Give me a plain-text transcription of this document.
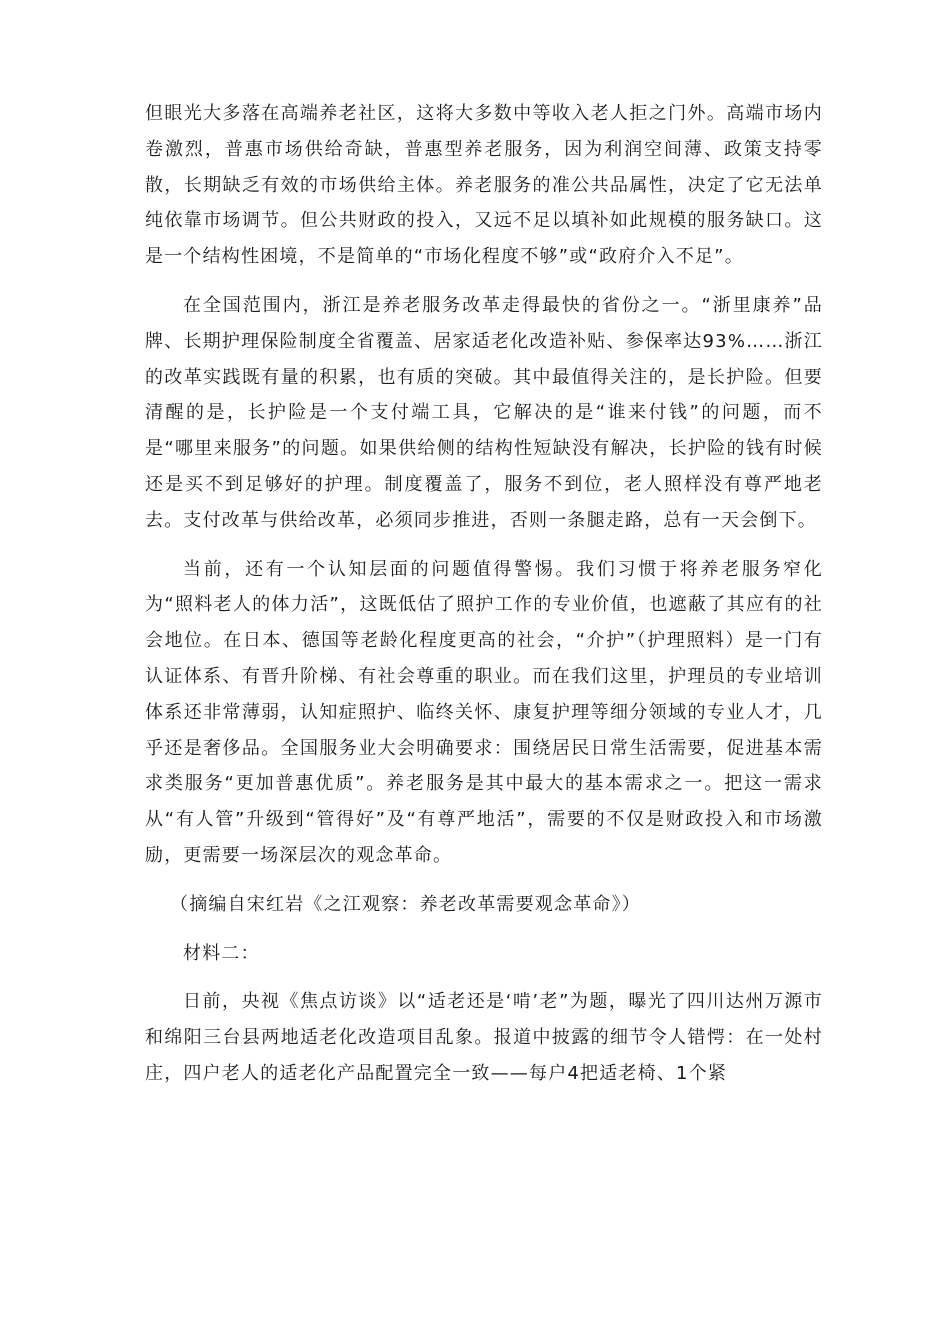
但眼光大多落在高端养老社区，这将大多数中等收入老人拒之门外。高端市场内卷激烈，普惠市场供给奇缺，普惠型养老服务，因为利润空间薄、政策支持零散，长期缺乏有效的市场供给主体。养老服务的准公共品属性，决定了它无法单纯依靠市场调节。但公共财政的投入，又远不足以填补如此规模的服务缺口。这是一个结构性困境，不是简单的“市场化程度不够”或“政府介入不足”。

在全国范围内，浙江是养老服务改革走得最快的省份之一。“浙里康养”品牌、长期护理保险制度全省覆盖、居家适老化改造补贴、参保率达93%……浙江的改革实践既有量的积累，也有质的突破。其中最值得关注的，是长护险。但要清醒的是，长护险是一个支付端工具，它解决的是“谁来付钱”的问题，而不是“哪里来服务”的问题。如果供给侧的结构性短缺没有解决，长护险的钱有时候还是买不到足够好的护理。制度覆盖了，服务不到位，老人照样没有尊严地老去。支付改革与供给改革，必须同步推进，否则一条腿走路，总有一天会倒下。

当前，还有一个认知层面的问题值得警惕。我们习惯于将养老服务窄化为“照料老人的体力活”，这既低估了照护工作的专业价值，也遮蔽了其应有的社会地位。在日本、德国等老龄化程度更高的社会，“介护”（护理照料）是一门有认证体系、有晋升阶梯、有社会尊重的职业。而在我们这里，护理员的专业培训体系还非常薄弱，认知症照护、临终关怀、康复护理等细分领域的专业人才，几乎还是奢侈品。全国服务业大会明确要求：围绕居民日常生活需要，促进基本需求类服务“更加普惠优质”。养老服务是其中最大的基本需求之一。把这一需求从“有人管”升级到“管得好”及“有尊严地活”，需要的不仅是财政投入和市场激励，更需要一场深层次的观念革命。

（摘编自宋红岩《之江观察：养老改革需要观念革命》）

材料二：

日前，央视《焦点访谈》以“适老还是‘啃’老”为题，曝光了四川达州万源市和绵阳三台县两地适老化改造项目乱象。报道中披露的细节令人错愕：在一处村庄，四户老人的适老化产品配置完全一致——每户4把适老椅、1个紧
